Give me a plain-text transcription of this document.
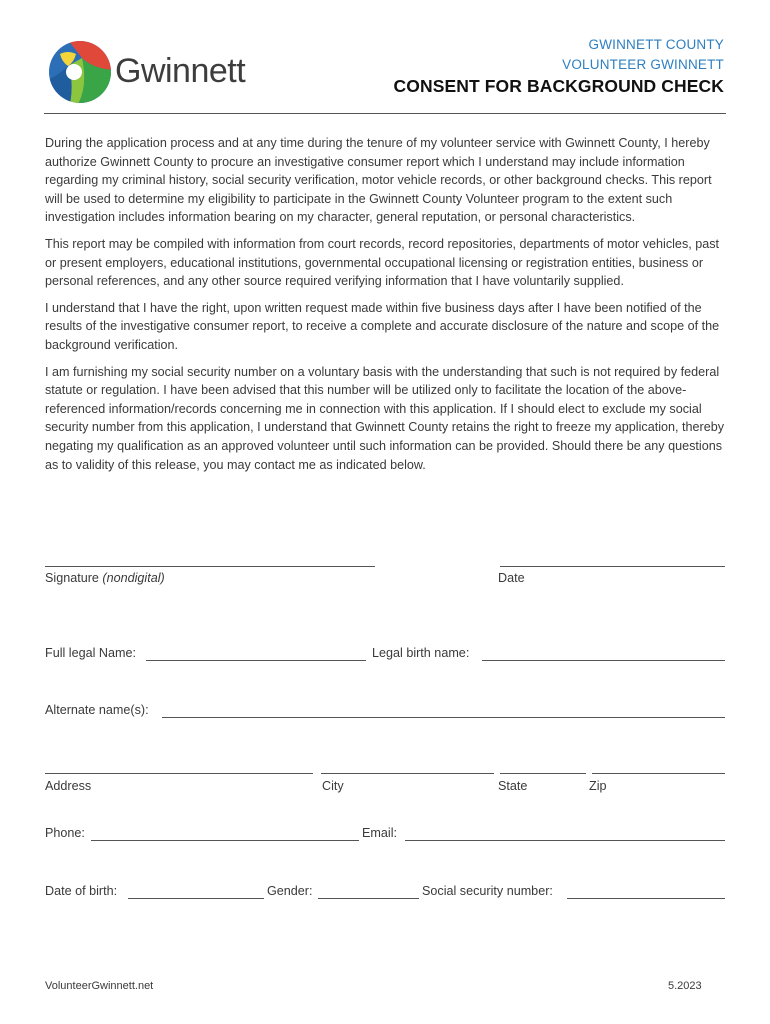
Gwinnett
GWINNETT COUNTY
VOLUNTEER GWINNETT
CONSENT FOR BACKGROUND CHECK

During the application process and at any time during the tenure of my volunteer service with Gwinnett County, I hereby authorize Gwinnett County to procure an investigative consumer report which I understand may include information regarding my criminal history, social security verification, motor vehicle records, or other background checks. This report will be used to determine my eligibility to participate in the Gwinnett County Volunteer program to the extent such investigation includes information bearing on my character, general reputation, or personal characteristics.

This report may be compiled with information from court records, record repositories, departments of motor vehicles, past or present employers, educational institutions, governmental occupational licensing or registration entities, business or personal references, and any other source required verifying information that I have voluntarily supplied.

I understand that I have the right, upon written request made within five business days after I have been notified of the results of the investigative consumer report, to receive a complete and accurate disclosure of the nature and scope of the background verification.

I am furnishing my social security number on a voluntary basis with the understanding that such is not required by federal statute or regulation. I have been advised that this number will be utilized only to facilitate the location of the above-referenced information/records concerning me in connection with this application. If I should elect to exclude my social security number from this application, I understand that Gwinnett County retains the right to freeze my application, thereby negating my qualification as an approved volunteer until such information can be provided. Should there be any questions as to validity of this release, you may contact me as indicated below.

Signature (nondigital)	Date
Full legal Name:	Legal birth name:
Alternate name(s):
Address	City	State	Zip
Phone:	Email:
Date of birth:	Gender:	Social security number:
VolunteerGwinnett.net	5.2023
